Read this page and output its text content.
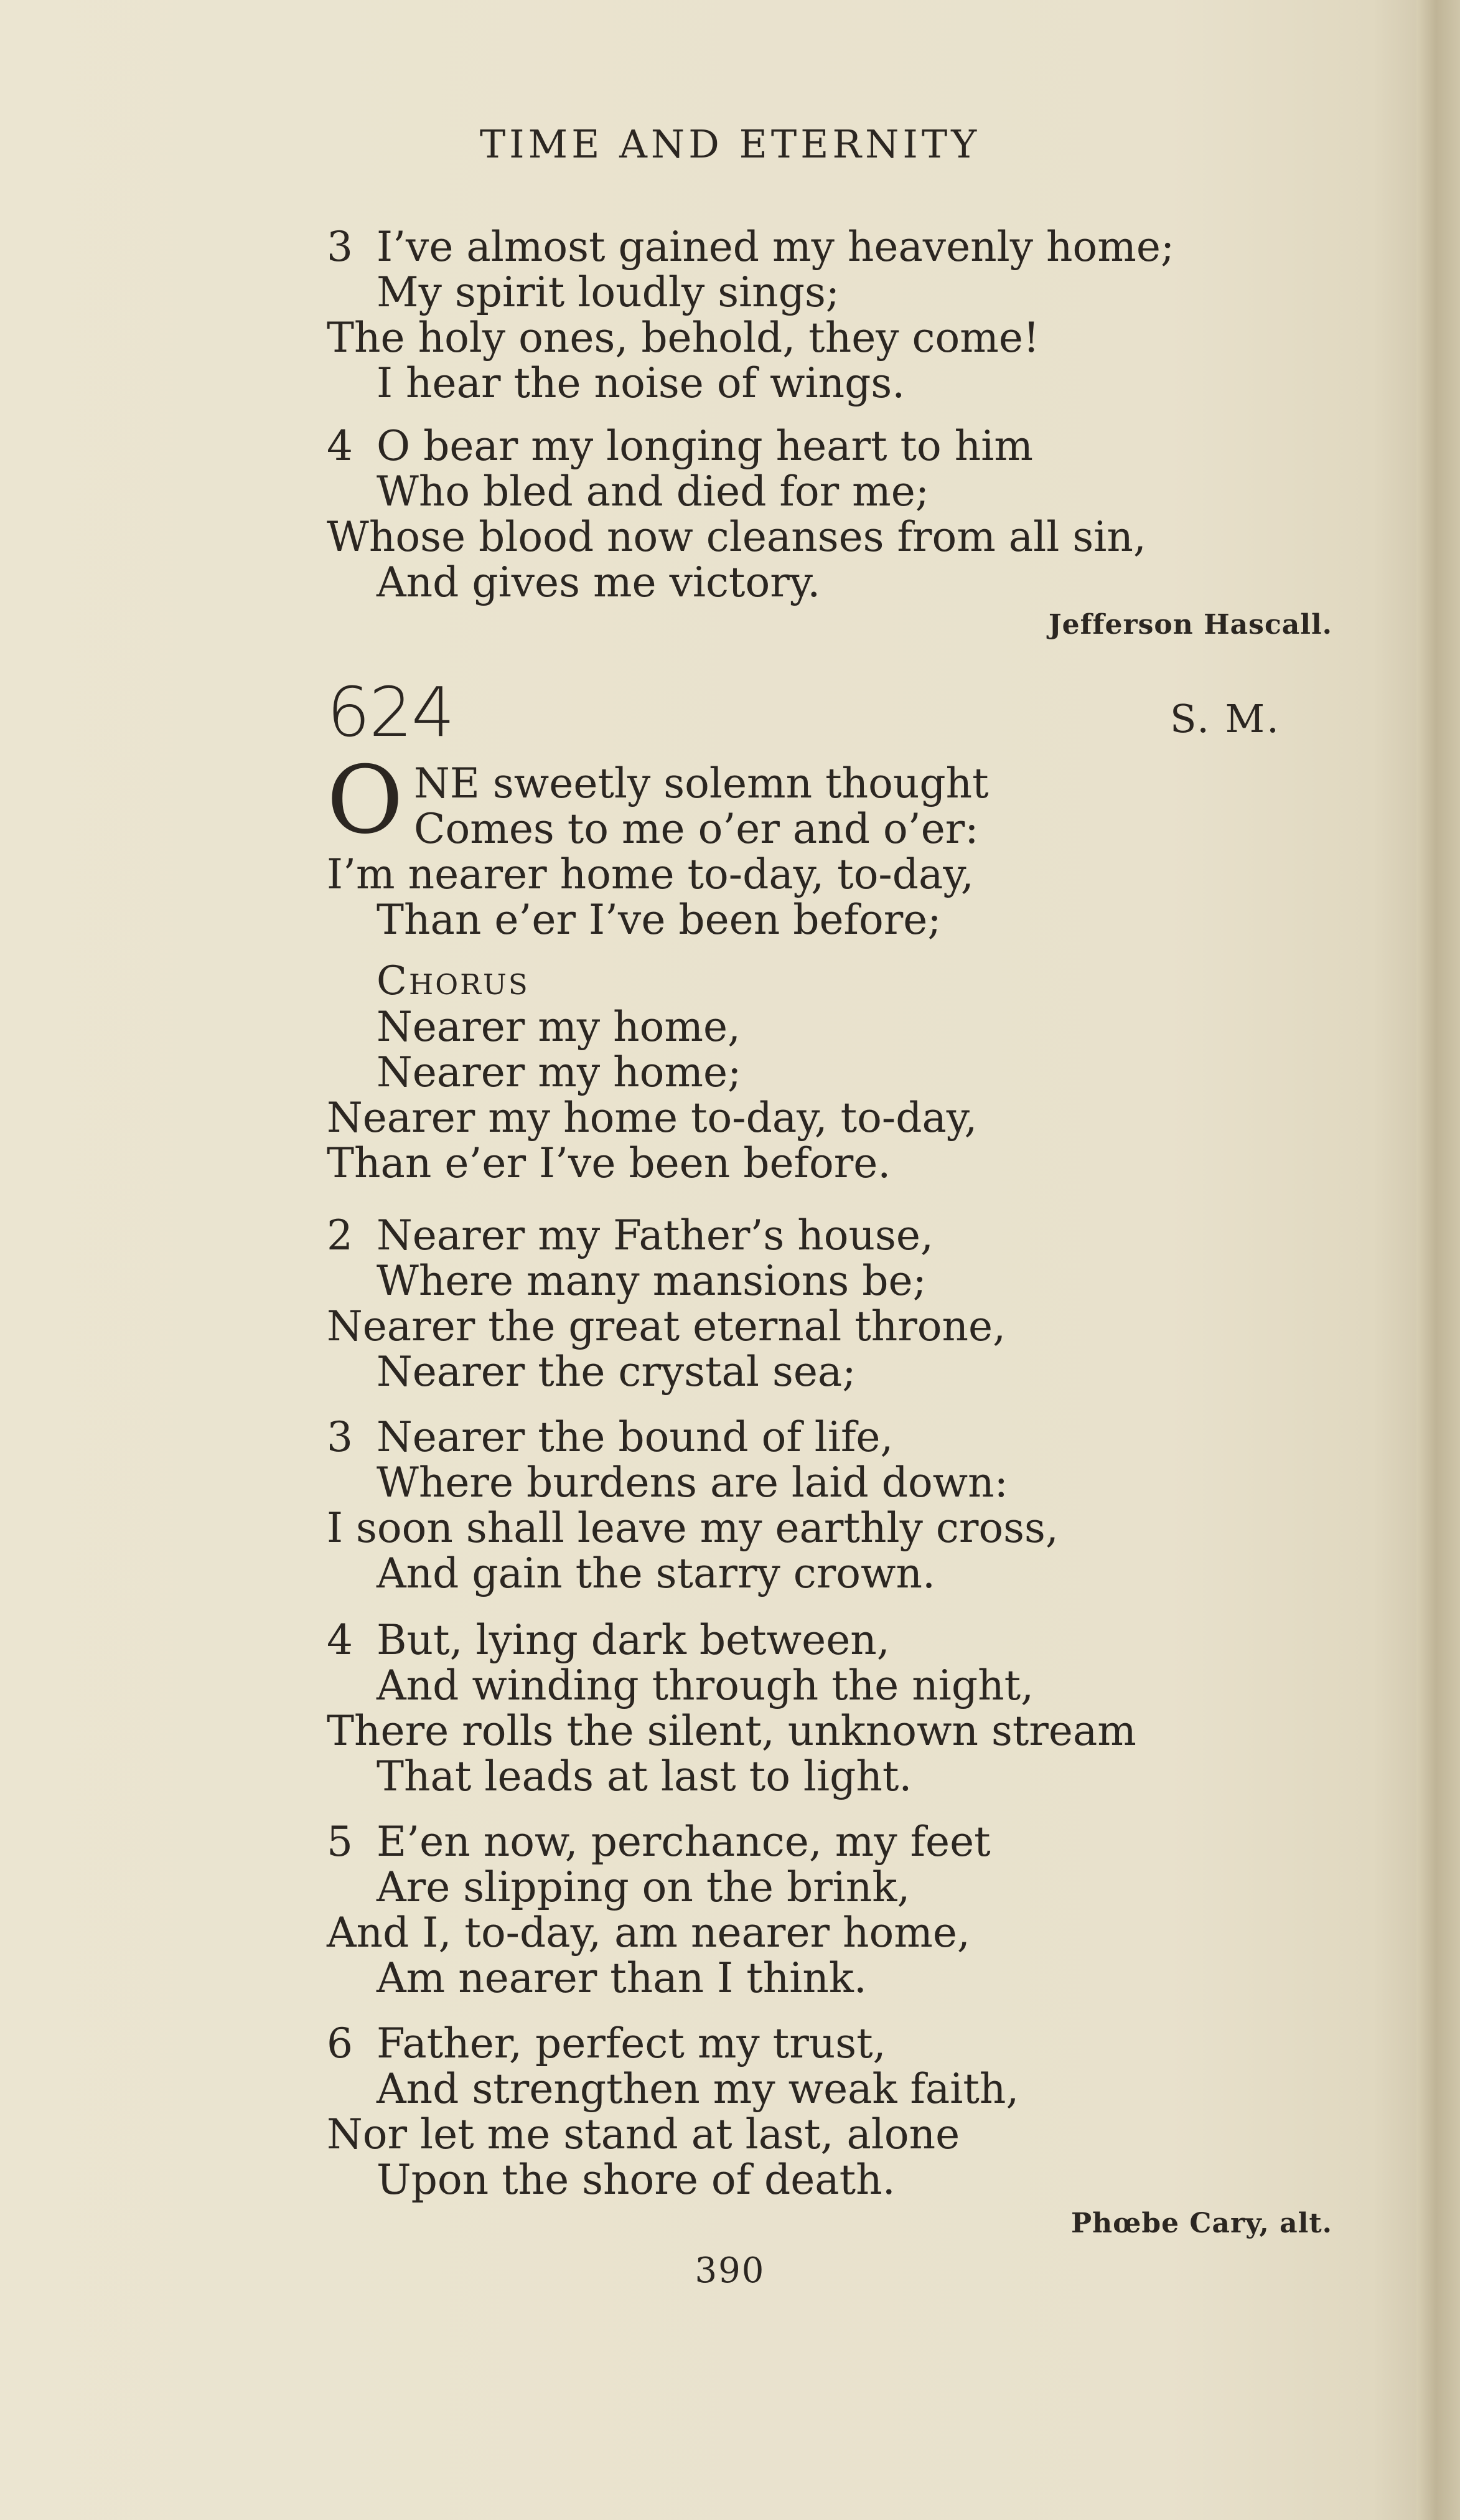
TIME AND ETERNITY
3 I’ve almost gained my heavenly home;
My spirit loudly sings;
The holy ones, behold, they come!
I hear the noise of wings.
4 O bear my longing heart to him
Who bled and died for me;
Whose blood now cleanses from all sin,
And gives me victory.
Jefferson Hascall.
624	S. M.
O NE sweetly solemn thought
Comes to me o’er and o’er:
I’m nearer home to-day, to-day,
Than e’er I’ve been before;
Chorus
Nearer my home,
Nearer my home;
Nearer my home to-day, to-day,
Than e’er I’ve been before.
2 Nearer my Father’s house,
Where many mansions be;
Nearer the great eternal throne,
Nearer the crystal sea;
3 Nearer the bound of life,
Where burdens are laid down:
I soon shall leave my earthly cross,
And gain the starry crown.
4 But, lying dark between,
And winding through the night,
There rolls the silent, unknown stream
That leads at last to light.
5 E’en now, perchance, my feet
Are slipping on the brink,
And I, to-day, am nearer home,
Am nearer than I think.
6 Father, perfect my trust,
And strengthen my weak faith,
Nor let me stand at last, alone
Upon the shore of death.
Phœbe Cary, alt.
390
